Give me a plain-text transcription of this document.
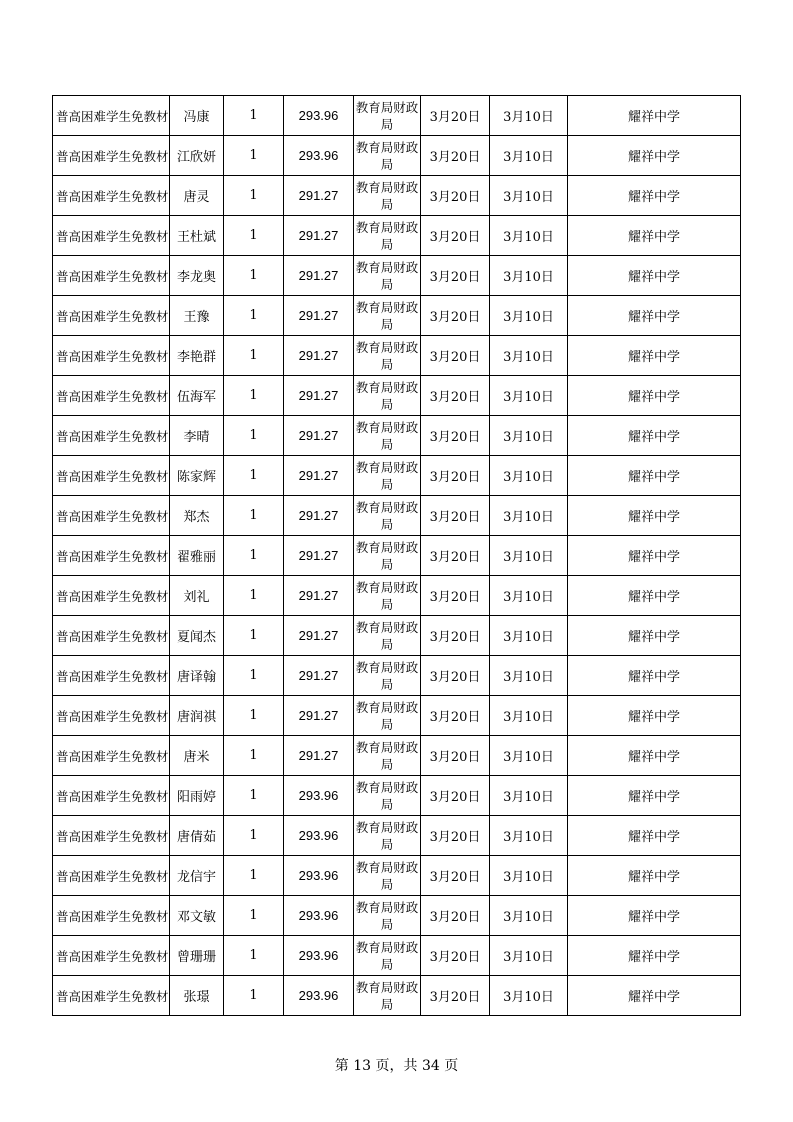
普高困难学生免教材	冯康	1	293.96	教育局财政局	3月20日	3月10日	耀祥中学
普高困难学生免教材	江欣妍	1	293.96	教育局财政局	3月20日	3月10日	耀祥中学
普高困难学生免教材	唐灵	1	291.27	教育局财政局	3月20日	3月10日	耀祥中学
普高困难学生免教材	王杜斌	1	291.27	教育局财政局	3月20日	3月10日	耀祥中学
普高困难学生免教材	李龙奥	1	291.27	教育局财政局	3月20日	3月10日	耀祥中学
普高困难学生免教材	王豫	1	291.27	教育局财政局	3月20日	3月10日	耀祥中学
普高困难学生免教材	李艳群	1	291.27	教育局财政局	3月20日	3月10日	耀祥中学
普高困难学生免教材	伍海军	1	291.27	教育局财政局	3月20日	3月10日	耀祥中学
普高困难学生免教材	李晴	1	291.27	教育局财政局	3月20日	3月10日	耀祥中学
普高困难学生免教材	陈家辉	1	291.27	教育局财政局	3月20日	3月10日	耀祥中学
普高困难学生免教材	郑杰	1	291.27	教育局财政局	3月20日	3月10日	耀祥中学
普高困难学生免教材	翟雅丽	1	291.27	教育局财政局	3月20日	3月10日	耀祥中学
普高困难学生免教材	刘礼	1	291.27	教育局财政局	3月20日	3月10日	耀祥中学
普高困难学生免教材	夏闻杰	1	291.27	教育局财政局	3月20日	3月10日	耀祥中学
普高困难学生免教材	唐译翰	1	291.27	教育局财政局	3月20日	3月10日	耀祥中学
普高困难学生免教材	唐润祺	1	291.27	教育局财政局	3月20日	3月10日	耀祥中学
普高困难学生免教材	唐米	1	291.27	教育局财政局	3月20日	3月10日	耀祥中学
普高困难学生免教材	阳雨婷	1	293.96	教育局财政局	3月20日	3月10日	耀祥中学
普高困难学生免教材	唐倩茹	1	293.96	教育局财政局	3月20日	3月10日	耀祥中学
普高困难学生免教材	龙信宇	1	293.96	教育局财政局	3月20日	3月10日	耀祥中学
普高困难学生免教材	邓文敏	1	293.96	教育局财政局	3月20日	3月10日	耀祥中学
普高困难学生免教材	曾珊珊	1	293.96	教育局财政局	3月20日	3月10日	耀祥中学
普高困难学生免教材	张璟	1	293.96	教育局财政局	3月20日	3月10日	耀祥中学
第 13 页，共 34 页
